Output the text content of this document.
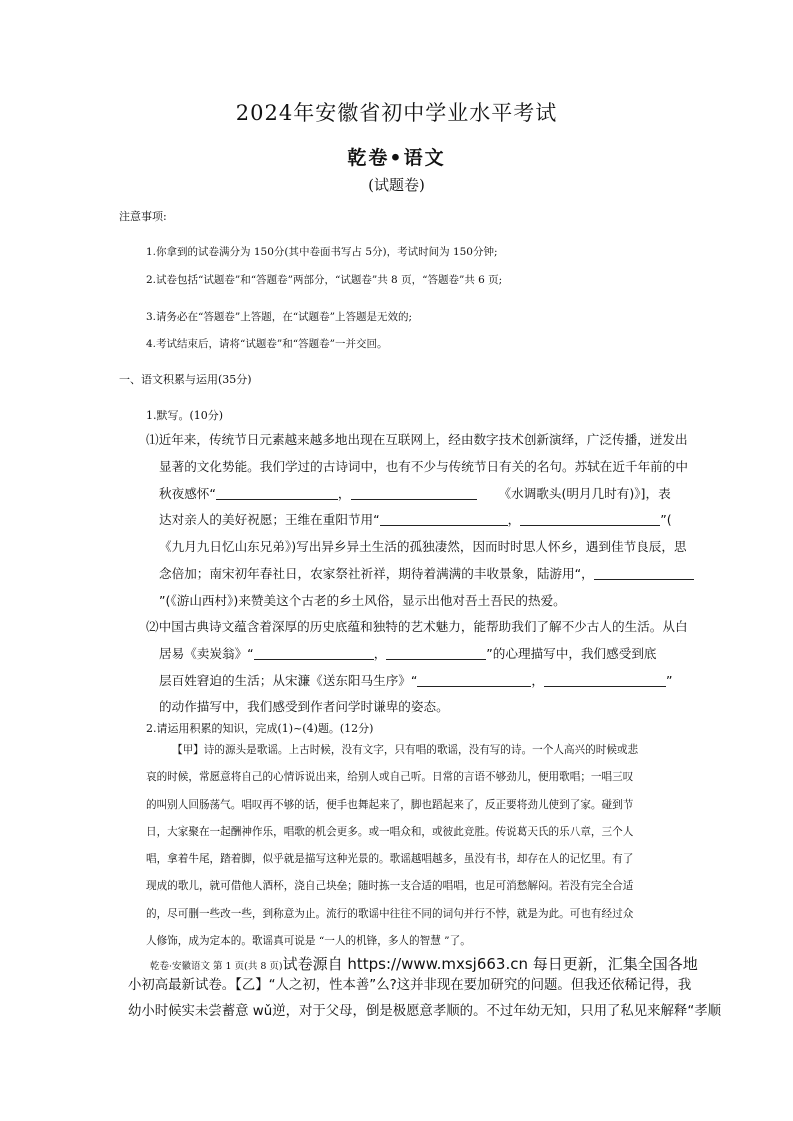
2024年安徽省初中学业水平考试
乾卷•语文
(试题卷)
注意事项:
1.你拿到的试卷满分为 150分(其中卷面书写占 5分)，考试时间为 150分钟;
2.试卷包括“试题卷”和“答题卷”两部分，“试题卷”共 8 页，“答题卷”共 6 页;
3.请务必在“答题卷”上答题，在“试题卷”上答题是无效的;
4.考试结束后，请将“试题卷”和“答题卷”一并交回。
一、语文积累与运用(35分)
1.默写。(10分)
⑴近年来，传统节日元素越来越多地出现在互联网上，经由数字技术创新演绎，广泛传播，迸发出
显著的文化势能。我们学过的古诗词中，也有不少与传统节日有关的名句。苏轼在近千年前的中
秋夜感怀“	，	《水调歌头(明月几时有)》]，表
达对亲人的美好祝愿；王维在重阳节用“	，	”(
《九月九日忆山东兄弟》)写出异乡异土生活的孤独凄然，因而时时思人怀乡，遇到佳节良辰，思
念倍加；南宋初年春社日，农家祭社祈祥，期待着满满的丰收景象，陆游用“，
”(《游山西村》)来赞美这个古老的乡土风俗，显示出他对吾土吾民的热爱。
⑵中国古典诗文蕴含着深厚的历史底蕴和独特的艺术魅力，能帮助我们了解不少古人的生活。从白
居易《卖炭翁》“	，	”的心理描写中，我们感受到底
层百姓窘迫的生活；从宋濂《送东阳马生序》“	，	”
的动作描写中，我们感受到作者问学时谦卑的姿态。
2.请运用积累的知识，完成(1)~(4)题。(12分)
【甲】诗的源头是歌谣。上古时候，没有文字，只有唱的歌谣，没有写的诗。一个人高兴的时候或悲
哀的时候，常愿意将自己的心情诉说出来，给别人或自己听。日常的言语不够劲儿，便用歌唱；一唱三叹
的叫别人回肠荡气。唱叹再不够的话，便手也舞起来了，脚也蹈起来了，反正要将劲儿使到了家。碰到节
日，大家聚在一起酬神作乐，唱歌的机会更多。或一唱众和，或彼此竞胜。传说葛天氏的乐八章，三个人
唱，拿着牛尾，踏着脚，似乎就是描写这种光景的。歌谣越唱越多，虽没有书，却存在人的记忆里。有了
现成的歌儿，就可借他人酒杯，浇自己块垒；随时拣一支合适的唱唱，也足可消愁解闷。若没有完全合适
的，尽可删一些改一些，到称意为止。流行的歌谣中往往不同的词句并行不悖，就是为此。可也有经过众
人修饰，成为定本的。歌谣真可说是 “一人的机锋，多人的智慧 ”了。
乾卷·安徽语文 第 1 页(共 8 页)试卷源自 https://www.mxsj663.cn 每日更新，汇集全国各地
小初高最新试卷。【乙】“人之初，性本善”么?这并非现在要加研究的问题。但我还依稀记得，我
幼小时候实未尝蓄意 wǔ逆，对于父母，倒是极愿意孝顺的。不过年幼无知，只用了私见来解释“孝顺
